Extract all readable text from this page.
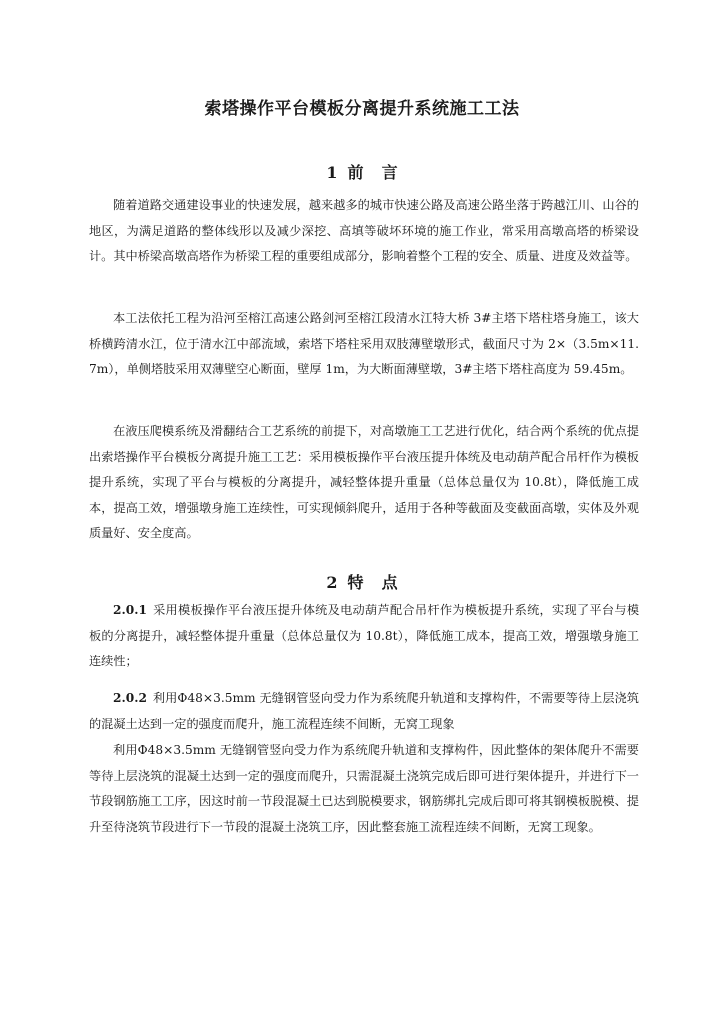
索塔操作平台模板分离提升系统施工工法
1 前 言

随着道路交通建设事业的快速发展，越来越多的城市快速公路及高速公路坐落于跨越江川、山谷的地区，为满足道路的整体线形以及减少深挖、高填等破坏环境的施工作业，常采用高墩高塔的桥梁设计。其中桥梁高墩高塔作为桥梁工程的重要组成部分，影响着整个工程的安全、质量、进度及效益等。

本工法依托工程为沿河至榕江高速公路剑河至榕江段清水江特大桥 3#主塔下塔柱塔身施工，该大桥横跨清水江，位于清水江中部流域，索塔下塔柱采用双肢薄壁墩形式，截面尺寸为 2×（3.5m×11.7m），单侧塔肢采用双薄壁空心断面，壁厚 1m，为大断面薄壁墩，3#主塔下塔柱高度为 59.45m。

在液压爬模系统及滑翻结合工艺系统的前提下，对高墩施工工艺进行优化，结合两个系统的优点提出索塔操作平台模板分离提升施工工艺：采用模板操作平台液压提升体统及电动葫芦配合吊杆作为模板提升系统，实现了平台与模板的分离提升，减轻整体提升重量（总体总量仅为 10.8t），降低施工成本，提高工效，增强墩身施工连续性，可实现倾斜爬升，适用于各种等截面及变截面高墩，实体及外观质量好、安全度高。

2 特 点

2.0.1 采用模板操作平台液压提升体统及电动葫芦配合吊杆作为模板提升系统，实现了平台与模板的分离提升，减轻整体提升重量（总体总量仅为 10.8t），降低施工成本，提高工效，增强墩身施工连续性；

2.0.2 利用Φ48×3.5mm 无缝钢管竖向受力作为系统爬升轨道和支撑构件，不需要等待上层浇筑的混凝土达到一定的强度而爬升，施工流程连续不间断，无窝工现象

利用Φ48×3.5mm 无缝钢管竖向受力作为系统爬升轨道和支撑构件，因此整体的架体爬升不需要等待上层浇筑的混凝土达到一定的强度而爬升，只需混凝土浇筑完成后即可进行架体提升，并进行下一节段钢筋施工工序，因这时前一节段混凝土已达到脱模要求，钢筋绑扎完成后即可将其钢模板脱模、提升至待浇筑节段进行下一节段的混凝土浇筑工序，因此整套施工流程连续不间断，无窝工现象。
